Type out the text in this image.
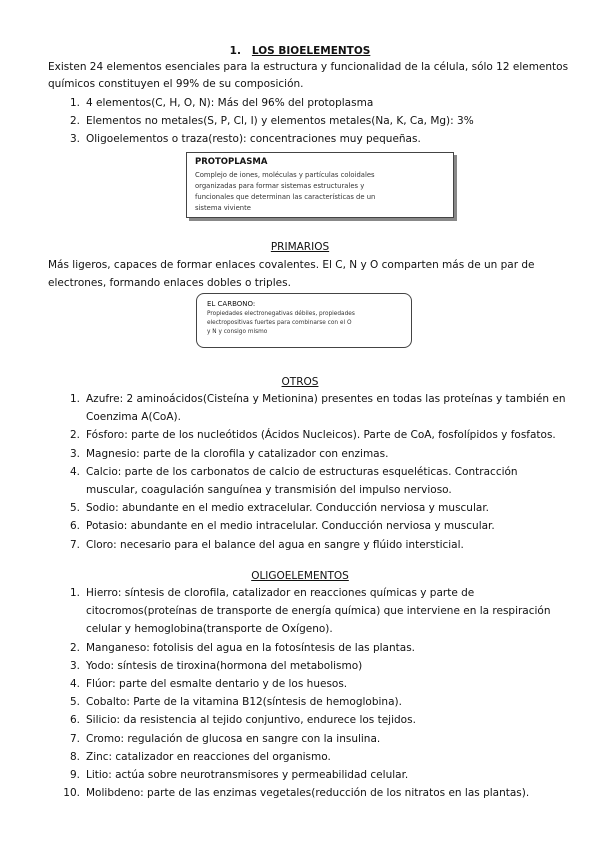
1. LOS BIOELEMENTOS
Existen 24 elementos esenciales para la estructura y funcionalidad de la célula, sólo 12 elementos
químicos constituyen el 99% de su composición.
1. 4 elementos(C, H, O, N): Más del 96% del protoplasma
2. Elementos no metales(S, P, Cl, I) y elementos metales(Na, K, Ca, Mg): 3%
3. Oligoelementos o traza(resto): concentraciones muy pequeñas.
PROTOPLASMA
Complejo de iones, moléculas y partículas coloidales
organizadas para formar sistemas estructurales y
funcionales que determinan las características de un
sistema viviente
PRIMARIOS
Más ligeros, capaces de formar enlaces covalentes. El C, N y O comparten más de un par de
electrones, formando enlaces dobles o triples.
EL CARBONO:
Propiedades electronegativas débiles, propiedades
electropositivas fuertes para combinarse con el O
y N y consigo mismo
OTROS
1. Azufre: 2 aminoácidos(Cisteína y Metionina) presentes en todas las proteínas y también en
Coenzima A(CoA).
2. Fósforo: parte de los nucleótidos (Ácidos Nucleicos). Parte de CoA, fosfolípidos y fosfatos.
3. Magnesio: parte de la clorofila y catalizador con enzimas.
4. Calcio: parte de los carbonatos de calcio de estructuras esqueléticas. Contracción
muscular, coagulación sanguínea y transmisión del impulso nervioso.
5. Sodio: abundante en el medio extracelular. Conducción nerviosa y muscular.
6. Potasio: abundante en el medio intracelular. Conducción nerviosa y muscular.
7. Cloro: necesario para el balance del agua en sangre y flúido intersticial.
OLIGOELEMENTOS
1. Hierro: síntesis de clorofila, catalizador en reacciones químicas y parte de
citocromos(proteínas de transporte de energía química) que interviene en la respiración
celular y hemoglobina(transporte de Oxígeno).
2. Manganeso: fotolisis del agua en la fotosíntesis de las plantas.
3. Yodo: síntesis de tiroxina(hormona del metabolismo)
4. Flúor: parte del esmalte dentario y de los huesos.
5. Cobalto: Parte de la vitamina B12(síntesis de hemoglobina).
6. Silicio: da resistencia al tejido conjuntivo, endurece los tejidos.
7. Cromo: regulación de glucosa en sangre con la insulina.
8. Zinc: catalizador en reacciones del organismo.
9. Litio: actúa sobre neurotransmisores y permeabilidad celular.
10. Molibdeno: parte de las enzimas vegetales(reducción de los nitratos en las plantas).
